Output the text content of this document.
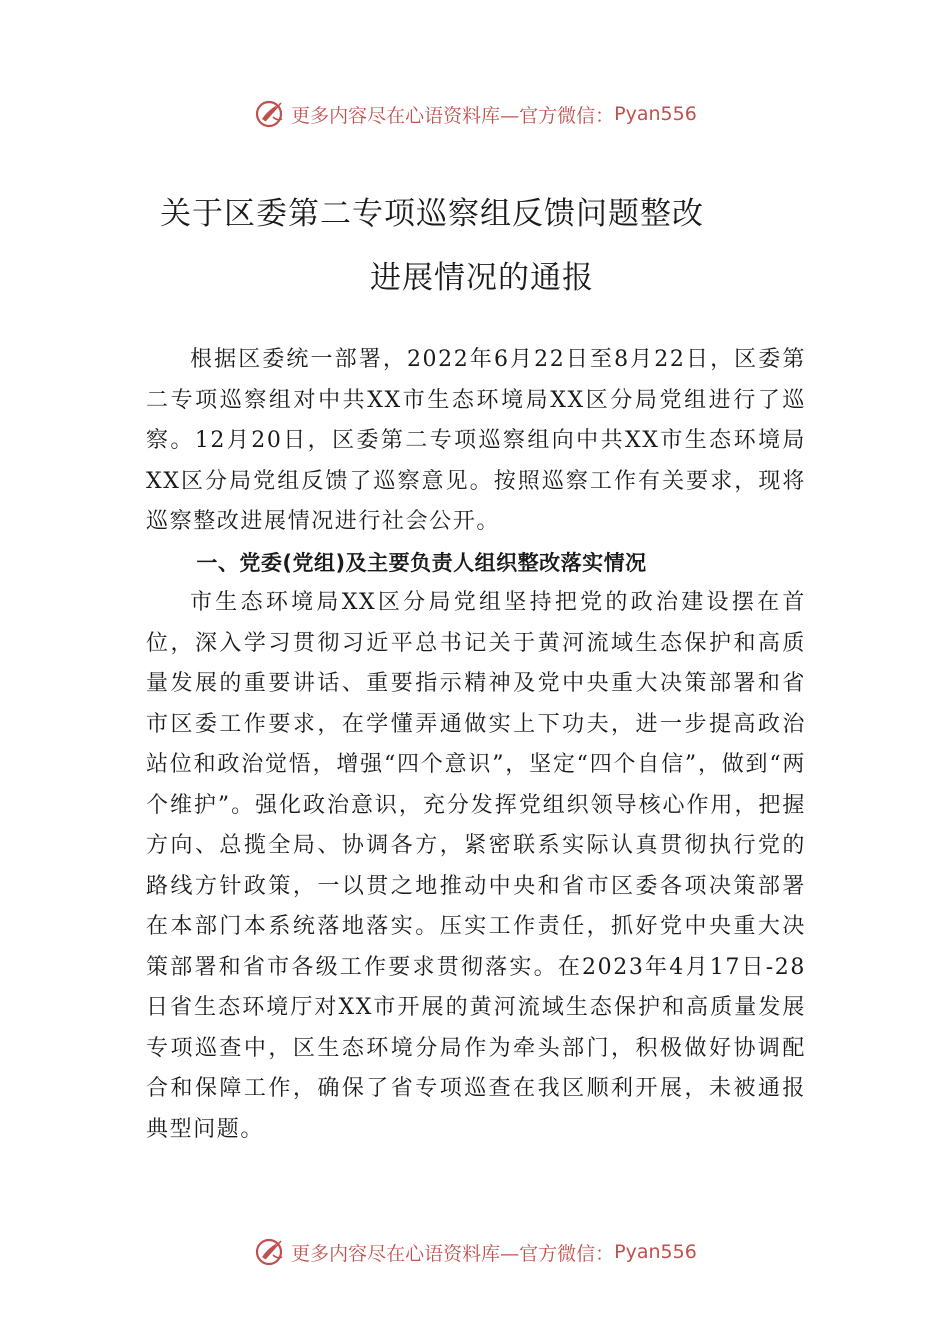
更多内容尽在心语资料库—官方微信： Pyan556
关于区委第二专项巡察组反馈问题整改
进展情况的通报

根据区委统一部署，2022年6月22日至8月22日，区委第二专项巡察组对中共XX市生态环境局XX区分局党组进行了巡察。12月20日，区委第二专项巡察组向中共XX市生态环境局XX区分局党组反馈了巡察意见。按照巡察工作有关要求，现将巡察整改进展情况进行社会公开。

一、党委(党组)及主要负责人组织整改落实情况

市生态环境局XX区分局党组坚持把党的政治建设摆在首位，深入学习贯彻习近平总书记关于黄河流域生态保护和高质量发展的重要讲话、重要指示精神及党中央重大决策部署和省市区委工作要求，在学懂弄通做实上下功夫，进一步提高政治站位和政治觉悟，增强“四个意识”，坚定“四个自信”，做到“两个维护”。强化政治意识，充分发挥党组织领导核心作用，把握方向、总揽全局、协调各方，紧密联系实际认真贯彻执行党的路线方针政策，一以贯之地推动中央和省市区委各项决策部署在本部门本系统落地落实。压实工作责任，抓好党中央重大决策部署和省市各级工作要求贯彻落实。在2023年4月17日-28日省生态环境厅对XX市开展的黄河流域生态保护和高质量发展专项巡查中，区生态环境分局作为牵头部门，积极做好协调配合和保障工作，确保了省专项巡查在我区顺利开展，未被通报典型问题。

更多内容尽在心语资料库—官方微信： Pyan556
